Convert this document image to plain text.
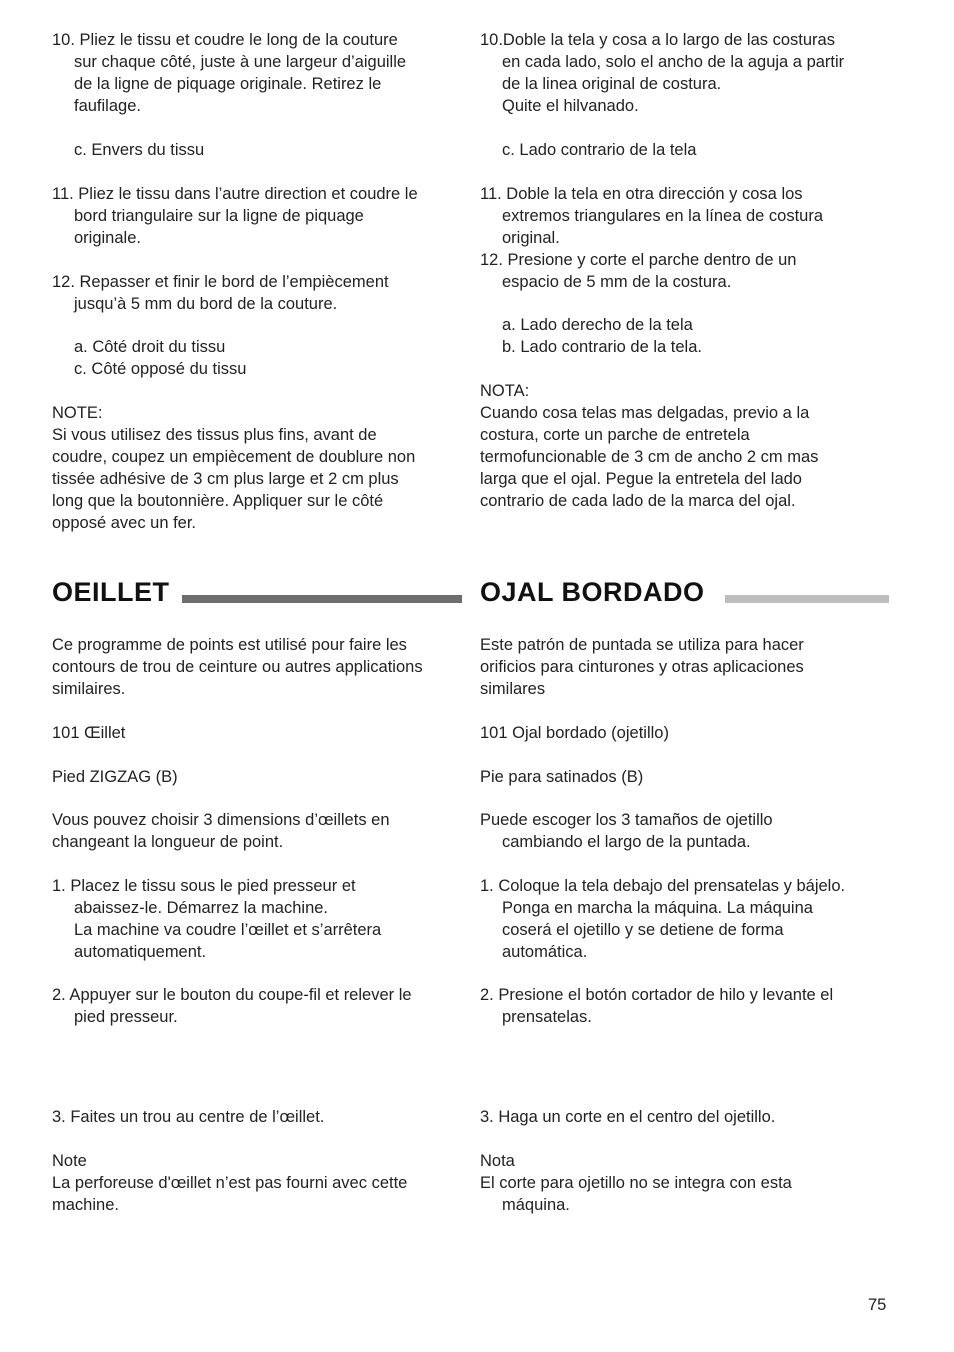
10. Pliez le tissu et coudre le long de la couture
sur chaque côté, juste à une largeur d’aiguille
de la ligne de piquage originale. Retirez le
faufilage.
c. Envers du tissu
11. Pliez le tissu dans l’autre direction et coudre le
bord triangulaire sur la ligne de piquage
originale.
12. Repasser et finir le bord de l’empiècement
jusqu’à 5 mm du bord de la couture.
a. Côté droit du tissu
c. Côté opposé du tissu
NOTE:
Si vous utilisez des tissus plus fins, avant de
coudre, coupez un empiècement de doublure non
tissée adhésive de 3 cm plus large et 2 cm plus
long que la boutonnière. Appliquer sur le côté
opposé avec un fer.
Ce programme de points est utilisé pour faire les
contours de trou de ceinture ou autres applications
similaires.
101 Œillet
Pied ZIGZAG (B)
Vous pouvez choisir 3 dimensions d’œillets en
changeant la longueur de point.
1. Placez le tissu sous le pied presseur et
abaissez-le. Démarrez la machine.
La machine va coudre l’œillet et s’arrêtera
automatiquement.
2. Appuyer sur le bouton du coupe-fil et relever le
pied presseur.
3. Faites un trou au centre de l’œillet.
Note
La perforeuse d'œillet n’est pas fourni avec cette
machine.
OEILLET
10.Doble la tela y cosa a lo largo de las costuras
en cada lado, solo el ancho de la aguja a partir
de la linea original de costura.
Quite el hilvanado.
c. Lado contrario de la tela
11. Doble la tela en otra dirección y cosa los
extremos triangulares en la línea de costura
original.
12. Presione y corte el parche dentro de un
espacio de 5 mm de la costura.
a. Lado derecho de la tela
b. Lado contrario de la tela.
NOTA:
Cuando cosa telas mas delgadas, previo a la
costura, corte un parche de entretela
termofuncionable de 3 cm de ancho 2 cm mas
larga que el ojal. Pegue la entretela del lado
contrario de cada lado de la marca del ojal.
Este patrón de puntada se utiliza para hacer
orificios para cinturones y otras aplicaciones
similares
101 Ojal bordado (ojetillo)
Pie para satinados (B)
Puede escoger los 3 tamaños de ojetillo
cambiando el largo de la puntada.
1. Coloque la tela debajo del prensatelas y bájelo.
Ponga en marcha la máquina. La máquina
coserá el ojetillo y se detiene de forma
automática.
2. Presione el botón cortador de hilo y levante el
prensatelas.
3. Haga un corte en el centro del ojetillo.
Nota
El corte para ojetillo no se integra con esta
máquina.
OJAL BORDADO
75
